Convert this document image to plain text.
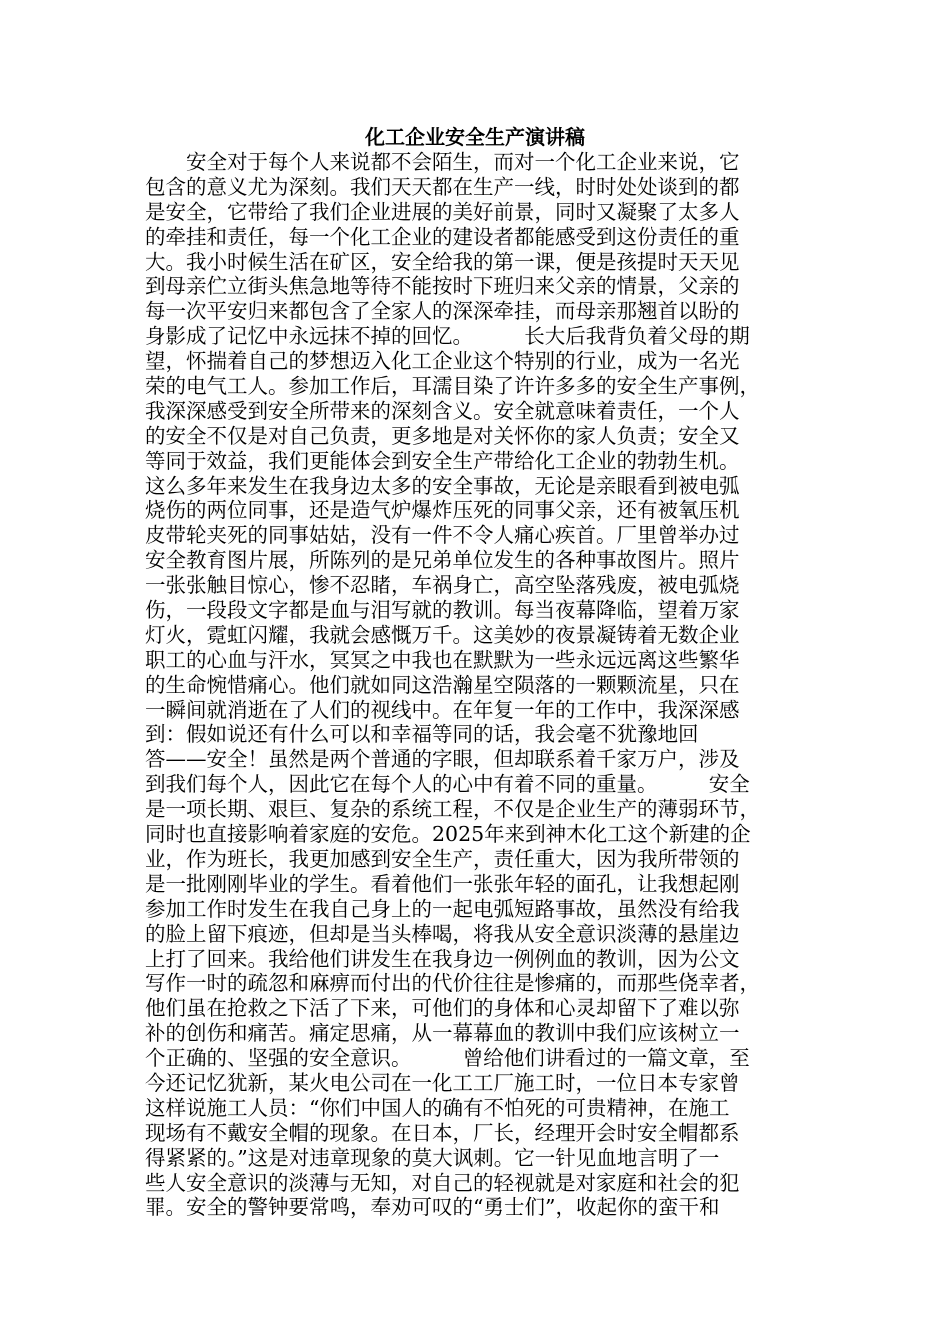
化工企业安全生产演讲稿
　　安全对于每个人来说都不会陌生，而对一个化工企业来说，它
包含的意义尤为深刻。我们天天都在生产一线，时时处处谈到的都
是安全，它带给了我们企业进展的美好前景，同时又凝聚了太多人
的牵挂和责任，每一个化工企业的建设者都能感受到这份责任的重
大。我小时候生活在矿区，安全给我的第一课，便是孩提时天天见
到母亲伫立街头焦急地等待不能按时下班归来父亲的情景，父亲的
每一次平安归来都包含了全家人的深深牵挂，而母亲那翘首以盼的
身影成了记忆中永远抹不掉的回忆。　　　长大后我背负着父母的期
望，怀揣着自己的梦想迈入化工企业这个特别的行业，成为一名光
荣的电气工人。参加工作后，耳濡目染了许许多多的安全生产事例，
我深深感受到安全所带来的深刻含义。安全就意味着责任，一个人
的安全不仅是对自己负责，更多地是对关怀你的家人负责；安全又
等同于效益，我们更能体会到安全生产带给化工企业的勃勃生机。
这么多年来发生在我身边太多的安全事故，无论是亲眼看到被电弧
烧伤的两位同事，还是造气炉爆炸压死的同事父亲，还有被氧压机
皮带轮夹死的同事姑姑，没有一件不令人痛心疾首。厂里曾举办过
安全教育图片展，所陈列的是兄弟单位发生的各种事故图片。照片
一张张触目惊心，惨不忍睹，车祸身亡，高空坠落残废，被电弧烧
伤，一段段文字都是血与泪写就的教训。每当夜幕降临，望着万家
灯火，霓虹闪耀，我就会感慨万千。这美妙的夜景凝铸着无数企业
职工的心血与汗水，冥冥之中我也在默默为一些永远远离这些繁华
的生命惋惜痛心。他们就如同这浩瀚星空陨落的一颗颗流星，只在
一瞬间就消逝在了人们的视线中。在年复一年的工作中，我深深感
到：假如说还有什么可以和幸福等同的话，我会毫不犹豫地回
答——安全！虽然是两个普通的字眼，但却联系着千家万户，涉及
到我们每个人，因此它在每个人的心中有着不同的重量。　　　安全
是一项长期、艰巨、复杂的系统工程，不仅是企业生产的薄弱环节，
同时也直接影响着家庭的安危。2025年来到神木化工这个新建的企
业，作为班长，我更加感到安全生产，责任重大，因为我所带领的
是一批刚刚毕业的学生。看着他们一张张年轻的面孔，让我想起刚
参加工作时发生在我自己身上的一起电弧短路事故，虽然没有给我
的脸上留下痕迹，但却是当头棒喝，将我从安全意识淡薄的悬崖边
上打了回来。我给他们讲发生在我身边一例例血的教训，因为公文
写作一时的疏忽和麻痹而付出的代价往往是惨痛的，而那些侥幸者，
他们虽在抢救之下活了下来，可他们的身体和心灵却留下了难以弥
补的创伤和痛苦。痛定思痛，从一幕幕血的教训中我们应该树立一
个正确的、坚强的安全意识。　　　曾给他们讲看过的一篇文章，至
今还记忆犹新，某火电公司在一化工工厂施工时，一位日本专家曾
这样说施工人员：“你们中国人的确有不怕死的可贵精神，在施工
现场有不戴安全帽的现象。在日本，厂长，经理开会时安全帽都系
得紧紧的。”这是对违章现象的莫大讽刺。它一针见血地言明了一
些人安全意识的淡薄与无知，对自己的轻视就是对家庭和社会的犯
罪。安全的警钟要常鸣，奉劝可叹的“勇士们”，收起你的蛮干和
